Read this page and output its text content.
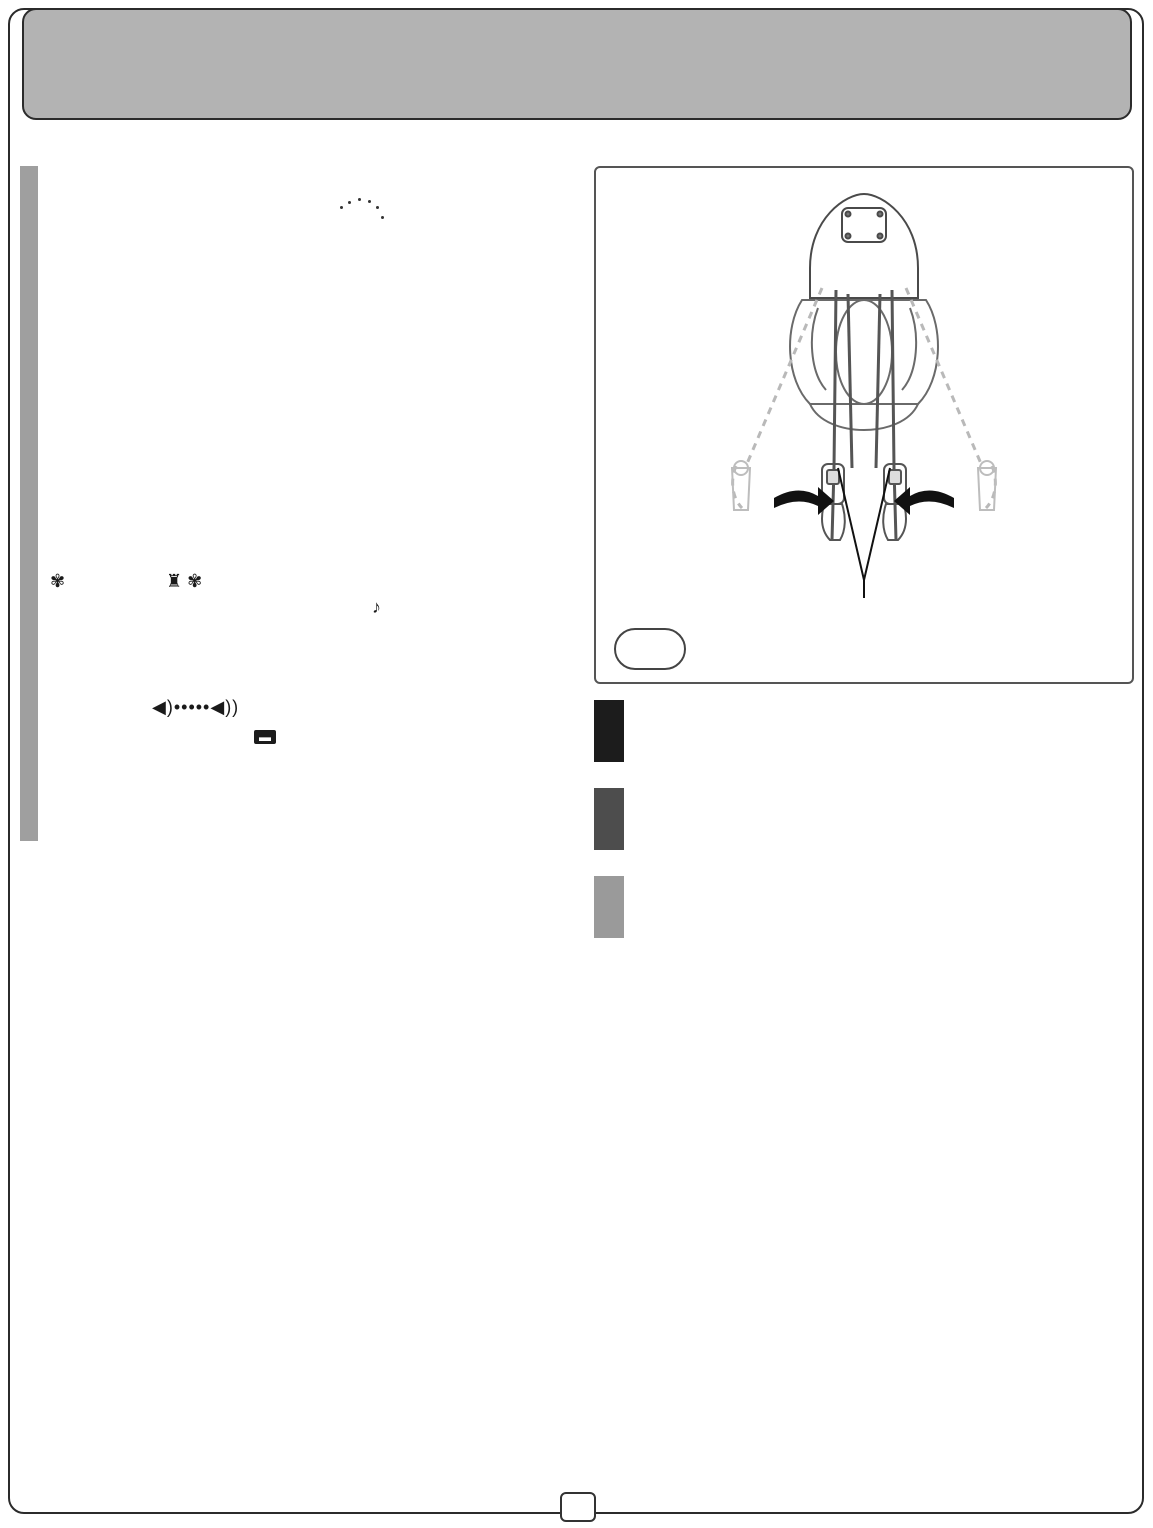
✾	♜ ✾
♪
◀)•••••◀))
▬
